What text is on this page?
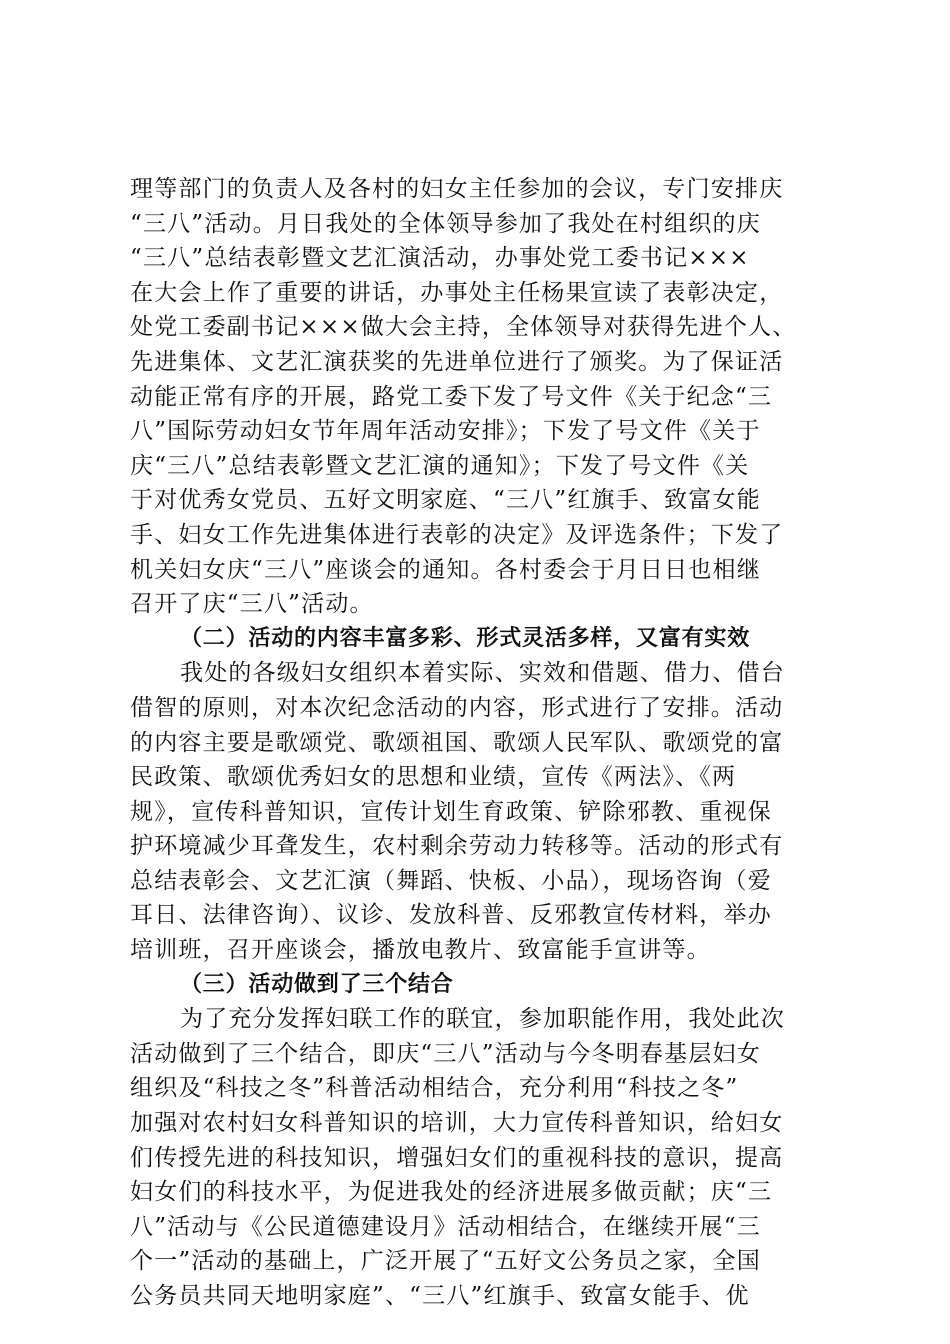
理等部门的负责人及各村的妇女主任参加的会议，专门安排庆
“三八”活动。月日我处的全体领导参加了我处在村组织的庆
“三八”总结表彰暨文艺汇演活动，办事处党工委书记×××
在大会上作了重要的讲话，办事处主任杨果宣读了表彰决定，
处党工委副书记×××做大会主持，全体领导对获得先进个人、
先进集体、文艺汇演获奖的先进单位进行了颁奖。为了保证活
动能正常有序的开展，路党工委下发了号文件《关于纪念“三
八”国际劳动妇女节年周年活动安排》；下发了号文件《关于
庆“三八”总结表彰暨文艺汇演的通知》；下发了号文件《关
于对优秀女党员、五好文明家庭、“三八”红旗手、致富女能
手、妇女工作先进集体进行表彰的决定》及评选条件；下发了
机关妇女庆“三八”座谈会的通知。各村委会于月日日也相继
召开了庆“三八”活动。
（二）活动的内容丰富多彩、形式灵活多样，又富有实效
我处的各级妇女组织本着实际、实效和借题、借力、借台
借智的原则，对本次纪念活动的内容，形式进行了安排。活动
的内容主要是歌颂党、歌颂祖国、歌颂人民军队、歌颂党的富
民政策、歌颂优秀妇女的思想和业绩，宣传《两法》、《两
规》，宣传科普知识，宣传计划生育政策、铲除邪教、重视保
护环境减少耳聋发生，农村剩余劳动力转移等。活动的形式有
总结表彰会、文艺汇演（舞蹈、快板、小品），现场咨询（爱
耳日、法律咨询）、议诊、发放科普、反邪教宣传材料，举办
培训班，召开座谈会，播放电教片、致富能手宣讲等。
（三）活动做到了三个结合
为了充分发挥妇联工作的联宜，参加职能作用，我处此次
活动做到了三个结合，即庆“三八”活动与今冬明春基层妇女
组织及“科技之冬”科普活动相结合，充分利用“科技之冬”
加强对农村妇女科普知识的培训，大力宣传科普知识，给妇女
们传授先进的科技知识，增强妇女们的重视科技的意识，提高
妇女们的科技水平，为促进我处的经济进展多做贡献；庆“三
八”活动与《公民道德建设月》活动相结合，在继续开展“三
个一”活动的基础上，广泛开展了“五好文公务员之家，全国
公务员共同天地明家庭”、“三八”红旗手、致富女能手、优
